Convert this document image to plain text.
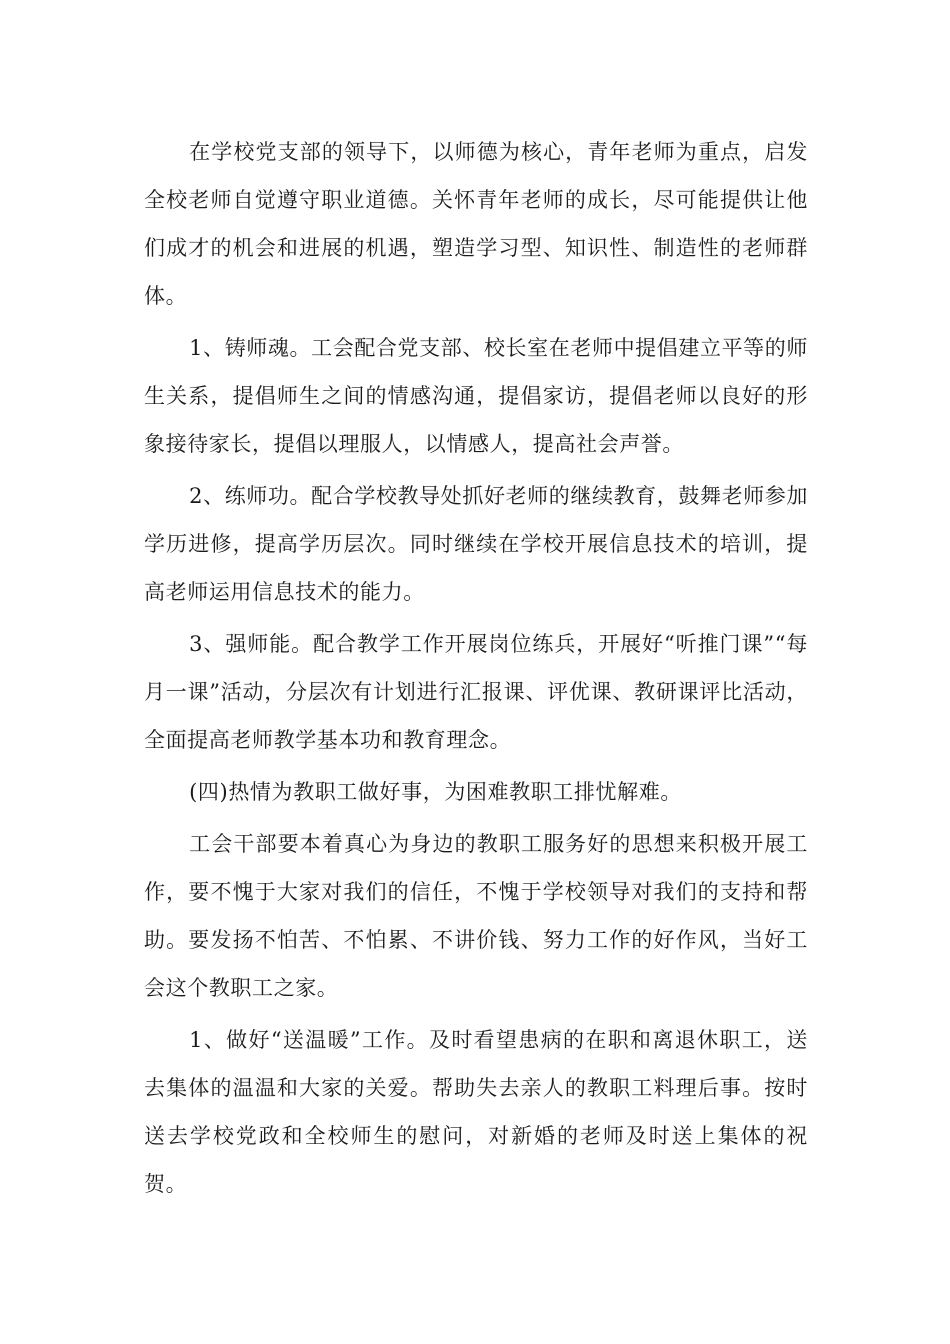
在学校党支部的领导下，以师德为核心，青年老师为重点，启发全校老师自觉遵守职业道德。关怀青年老师的成长，尽可能提供让他们成才的机会和进展的机遇，塑造学习型、知识性、制造性的老师群体。

1、铸师魂。工会配合党支部、校长室在老师中提倡建立平等的师生关系，提倡师生之间的情感沟通，提倡家访，提倡老师以良好的形象接待家长，提倡以理服人，以情感人，提高社会声誉。

2、练师功。配合学校教导处抓好老师的继续教育，鼓舞老师参加学历进修，提高学历层次。同时继续在学校开展信息技术的培训，提高老师运用信息技术的能力。

3、强师能。配合教学工作开展岗位练兵，开展好“听推门课”“每月一课”活动，分层次有计划进行汇报课、评优课、教研课评比活动，全面提高老师教学基本功和教育理念。

(四)热情为教职工做好事，为困难教职工排忧解难。

工会干部要本着真心为身边的教职工服务好的思想来积极开展工作，要不愧于大家对我们的信任，不愧于学校领导对我们的支持和帮助。要发扬不怕苦、不怕累、不讲价钱、努力工作的好作风，当好工会这个教职工之家。

1、做好“送温暖”工作。及时看望患病的在职和离退休职工，送去集体的温温和大家的关爱。帮助失去亲人的教职工料理后事。按时送去学校党政和全校师生的慰问，对新婚的老师及时送上集体的祝贺。
